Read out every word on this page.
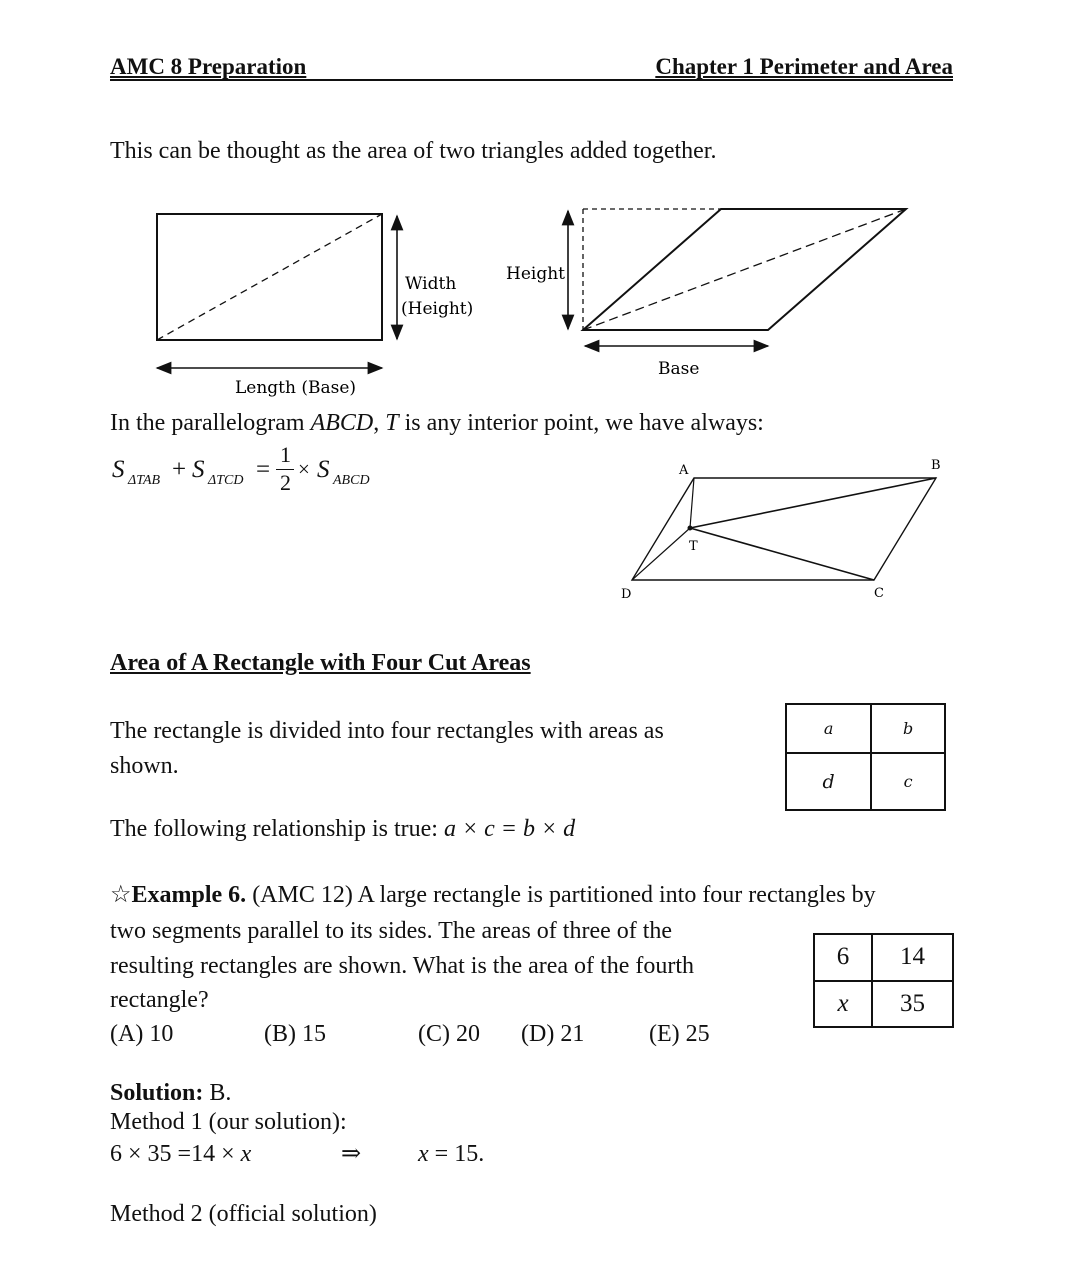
AMC 8 Preparation	Chapter 1 Perimeter and Area
This can be thought as the area of two triangles added together.
Width
(Height)
Length (Base)
Height
Base
In the parallelogram ABCD, T is any interior point, we have always:
S ΔTAB + S ΔTCD =
1
2
× S ABCD
A	B
C
D
T
Area of A Rectangle with Four Cut Areas
The rectangle is divided into four rectangles with areas as
shown.
a	b
d	c
The following relationship is true: a × c = b × d
☆Example 6. (AMC 12) A large rectangle is partitioned into four rectangles by
two segments parallel to its sides. The areas of three of the
resulting rectangles are shown. What is the area of the fourth
rectangle?
(A) 10	(B) 15	(C) 20 (D) 21	(E) 25
6	14
x	35
Solution: B.
Method 1 (our solution):
6 × 35 =14 × x	⇒ x = 15.
Method 2 (official solution)
